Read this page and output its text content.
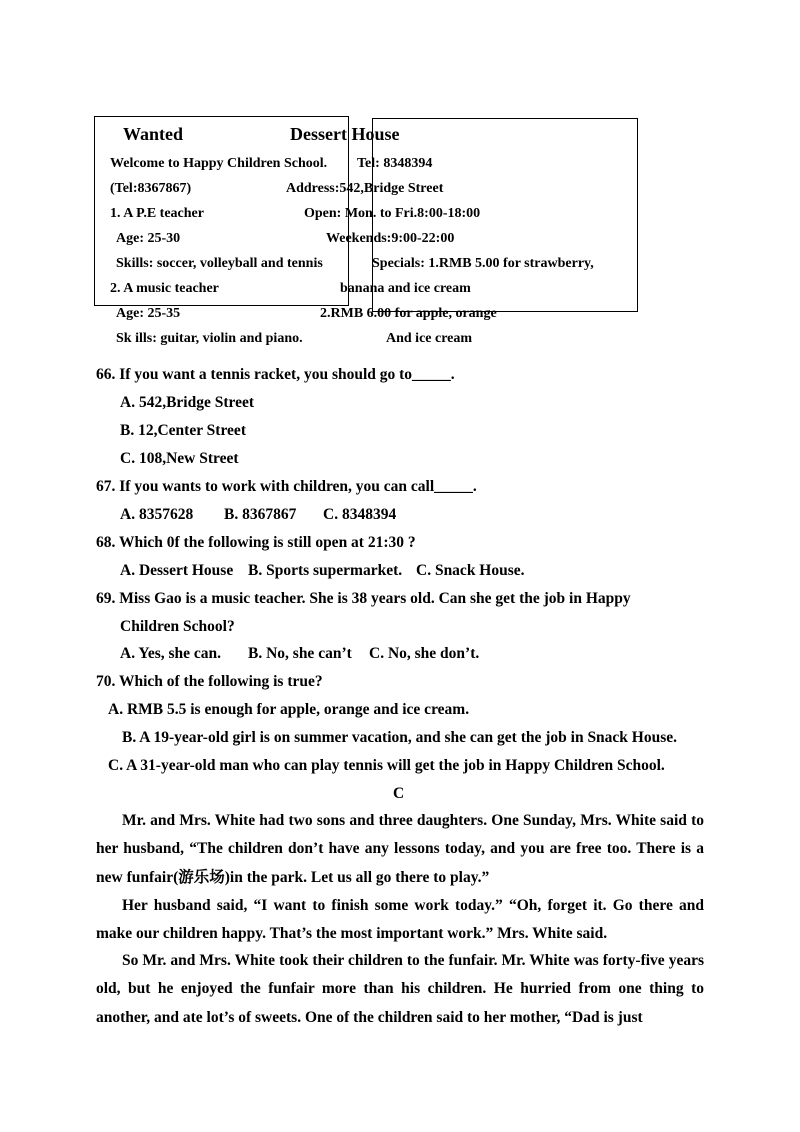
Wanted	Dessert House
Welcome to Happy Children School. Tel: 8348394
(Tel:8367867)	Address:542,Bridge Street
1. A P.E teacher	Open: Mon. to Fri.8:00-18:00
Age: 25-30	Weekends:9:00-22:00
Skills: soccer, volleyball and tennis	Specials: 1.RMB 5.00 for strawberry,
2. A music teacher	banana and ice cream
Age: 25-35	2.RMB 6.00 for apple, orange
Sk ills: guitar, violin and piano.	And ice cream
66. If you want a tennis racket, you should go to_____.
A. 542,Bridge Street
B. 12,Center Street
C. 108,New Street
67. If you wants to work with children, you can call_____.
A. 8357628 B. 8367867 C. 8348394
68. Which 0f the following is still open at 21:30 ?
A. Dessert House B. Sports supermarket. C. Snack House.
69. Miss Gao is a music teacher. She is 38 years old. Can she get the job in Happy
Children School?
A. Yes, she can. B. No, she can’t C. No, she don’t.
70. Which of the following is true?
A. RMB 5.5 is enough for apple, orange and ice cream.
B. A 19-year-old girl is on summer vacation, and she can get the job in Snack House.
C. A 31-year-old man who can play tennis will get the job in Happy Children School.
C
Mr. and Mrs. White had two sons and three daughters. One Sunday, Mrs. White said to her husband, “The children don’t have any lessons today, and you are free too. There is a new funfair(游乐场)in the park. Let us all go there to play.”
Her husband said, “I want to finish some work today.” “Oh, forget it. Go there and make our children happy. That’s the most important work.” Mrs. White said.
So Mr. and Mrs. White took their children to the funfair. Mr. White was forty-five years old, but he enjoyed the funfair more than his children. He hurried from one thing to another, and ate lot’s of sweets. One of the children said to her mother, “Dad is just
